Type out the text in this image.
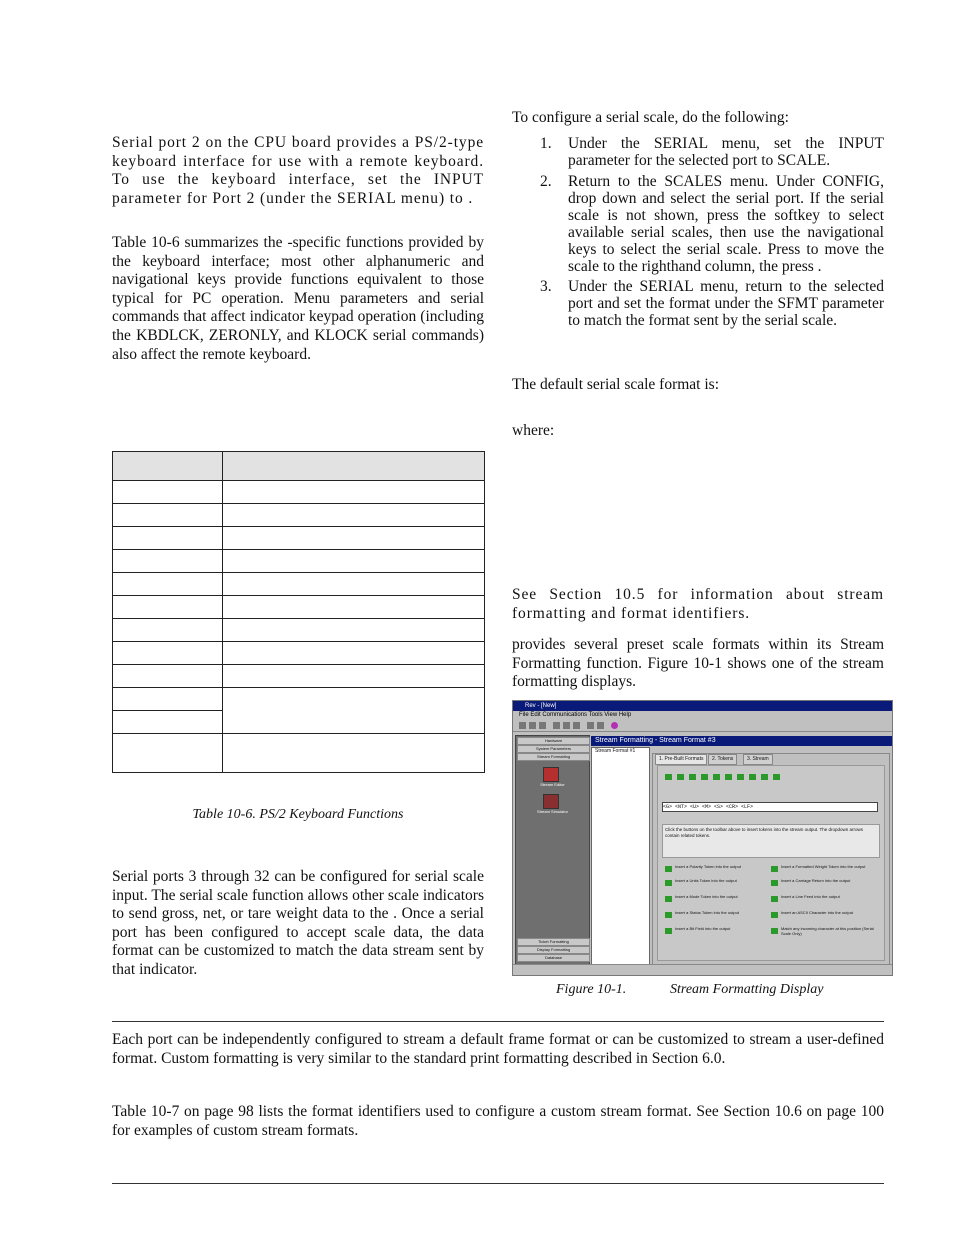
Serial port 2 on the CPU board provides a PS/2-type keyboard interface for use with a remote keyboard. To use the keyboard interface, set the INPUT parameter for Port 2 (under the SERIAL menu) to .

Table 10-6 summarizes the -specific functions provided by the keyboard interface; most other alphanumeric and navigational keys provide functions equivalent to those typical for PC operation. Menu parameters and serial commands that affect indicator keypad operation (including the KBDLCK, ZERONLY, and KLOCK serial commands) also affect the remote keyboard.

Table 10-6. PS/2 Keyboard Functions

Serial ports 3 through 32 can be configured for serial scale input. The serial scale function allows other scale indicators to send gross, net, or tare weight data to the . Once a serial port has been configured to accept scale data, the data format can be customized to match the data stream sent by that indicator.

To configure a serial scale, do the following:
1. Under the SERIAL menu, set the INPUT parameter for the selected port to SCALE.
2. Return to the SCALES menu. Under CONFIG, drop down and select the serial port. If the serial scale is not shown, press the softkey to select available serial scales, then use the navigational keys to select the serial scale. Press to move the scale to the righthand column, the press .
3. Under the SERIAL menu, return to the selected port and set the format under the SFMT parameter to match the format sent by the serial scale.
The default serial scale format is:
where:

See Section 10.5 for information about stream formatting and format identifiers.

provides several preset scale formats within its Stream Formatting function. Figure 10-1 shows one of the stream formatting displays.

Rev - [New]
File Edit Communications Tools View Help
Hardware
System Parameters
Stream Formatting
Stream Editor
Stream Simulator
Ticket Formatting
Display Formatting
Database
Stream Formatting - Stream Format #3
Stream Format #1
1. Pre-Built Formats	2. Tokens	3. Stream
<G> <NT> <U> <M> <S> <CR> <LF>
Click the buttons on the toolbar above to insert tokens into the stream output. The dropdown arrows contain related tokens.
Insert a Polarity Token into the output	Insert a Formatted Weight Token into the output
Insert a Units Token into the output	Insert a Carriage Return into the output
Insert a Mode Token into the output	Insert a Line Feed into the output
Insert a Status Token into the output	Insert an ASCII Character into the output
Insert a Bit Field into the output	Match any incoming character at this position (Serial Scale Only)
Figure 10-1.	Stream Formatting Display

Each port can be independently configured to stream a default frame format or can be customized to stream a user-defined format. Custom formatting is very similar to the standard print formatting described in Section 6.0.

Table 10-7 on page 98 lists the format identifiers used to configure a custom stream format. See Section 10.6 on page 100 for examples of custom stream formats.
